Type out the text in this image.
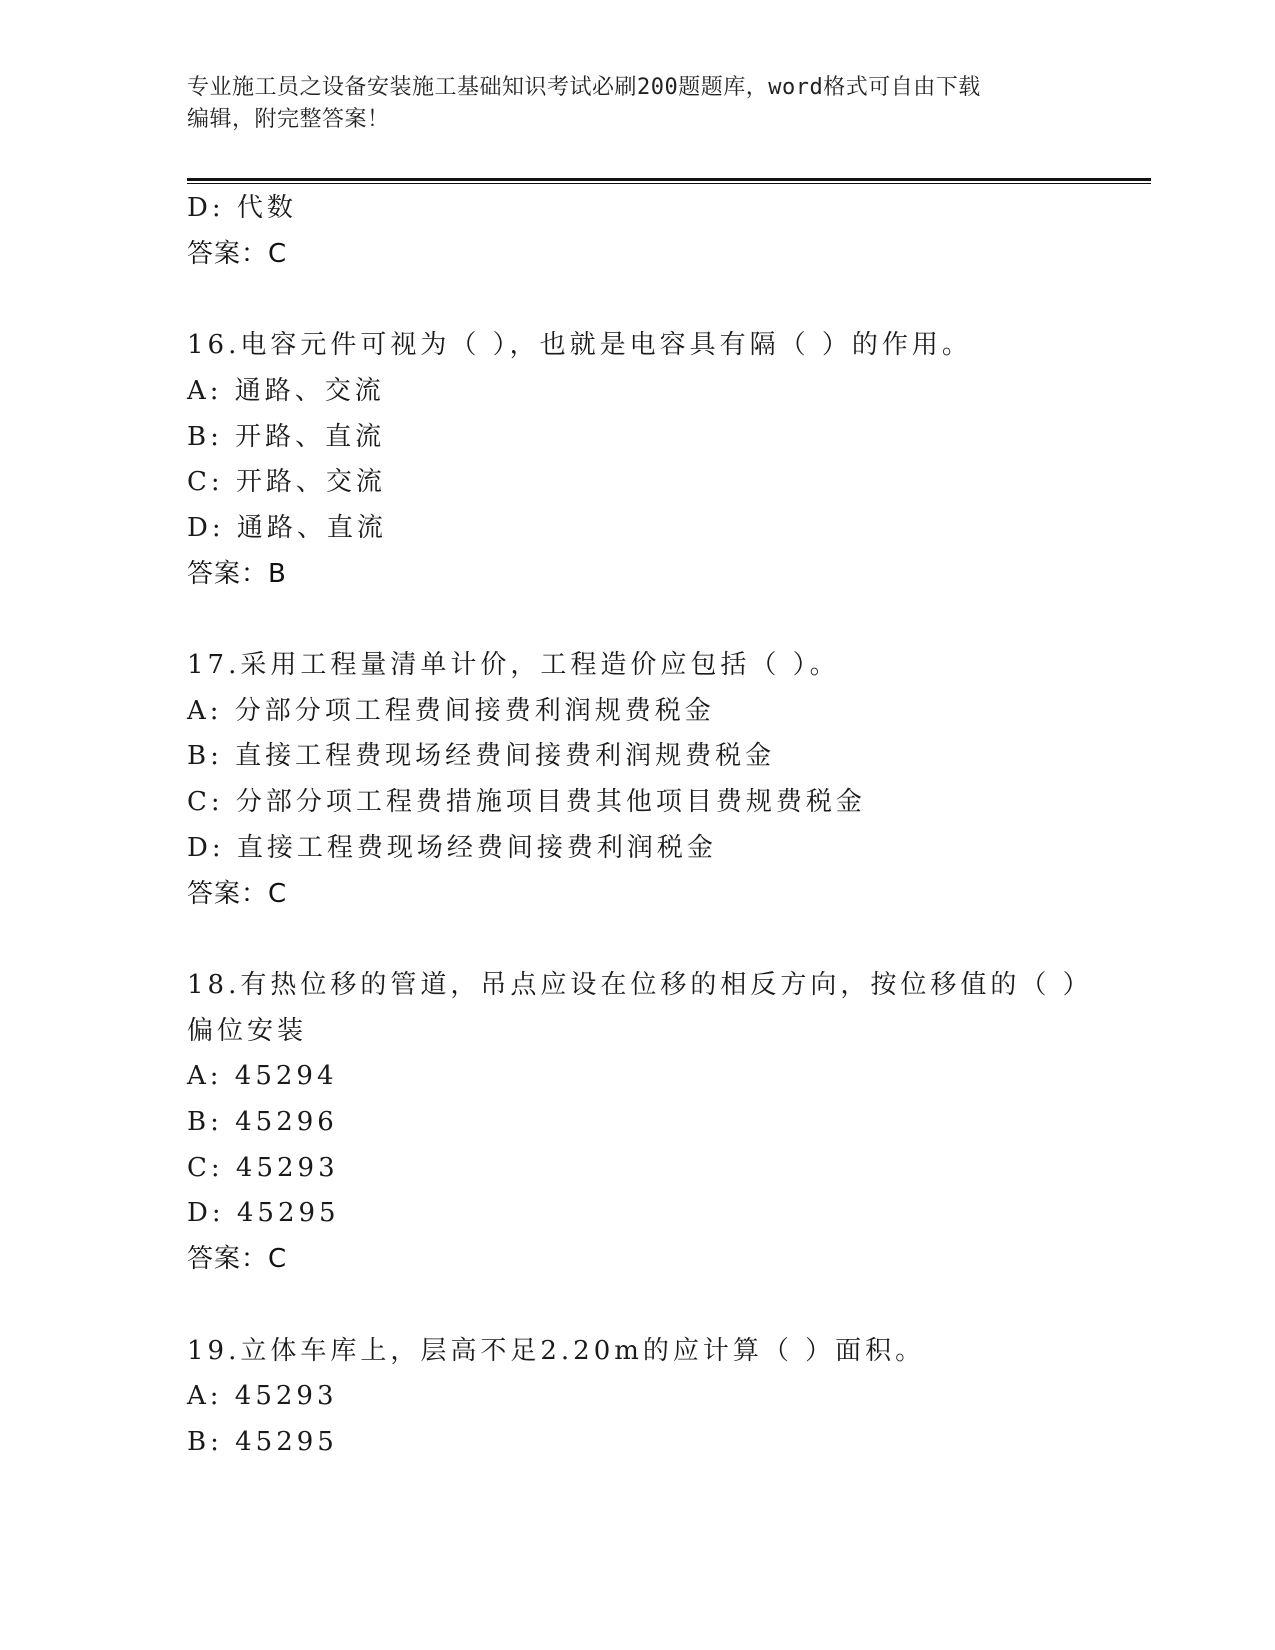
专业施工员之设备安装施工基础知识考试必刷200题题库，word格式可自由下载
编辑，附完整答案！
D: 代数
答案：C
16.电容元件可视为（ ），也就是电容具有隔（ ）的作用。
A: 通路、交流
B: 开路、直流
C: 开路、交流
D: 通路、直流
答案：B
17.采用工程量清单计价，工程造价应包括（ ）。
A: 分部分项工程费间接费利润规费税金
B: 直接工程费现场经费间接费利润规费税金
C: 分部分项工程费措施项目费其他项目费规费税金
D: 直接工程费现场经费间接费利润税金
答案：C
18.有热位移的管道，吊点应设在位移的相反方向，按位移值的（ ）
偏位安装
A: 45294
B: 45296
C: 45293
D: 45295
答案：C
19.立体车库上，层高不足2.20m的应计算（ ）面积。
A: 45293
B: 45295
